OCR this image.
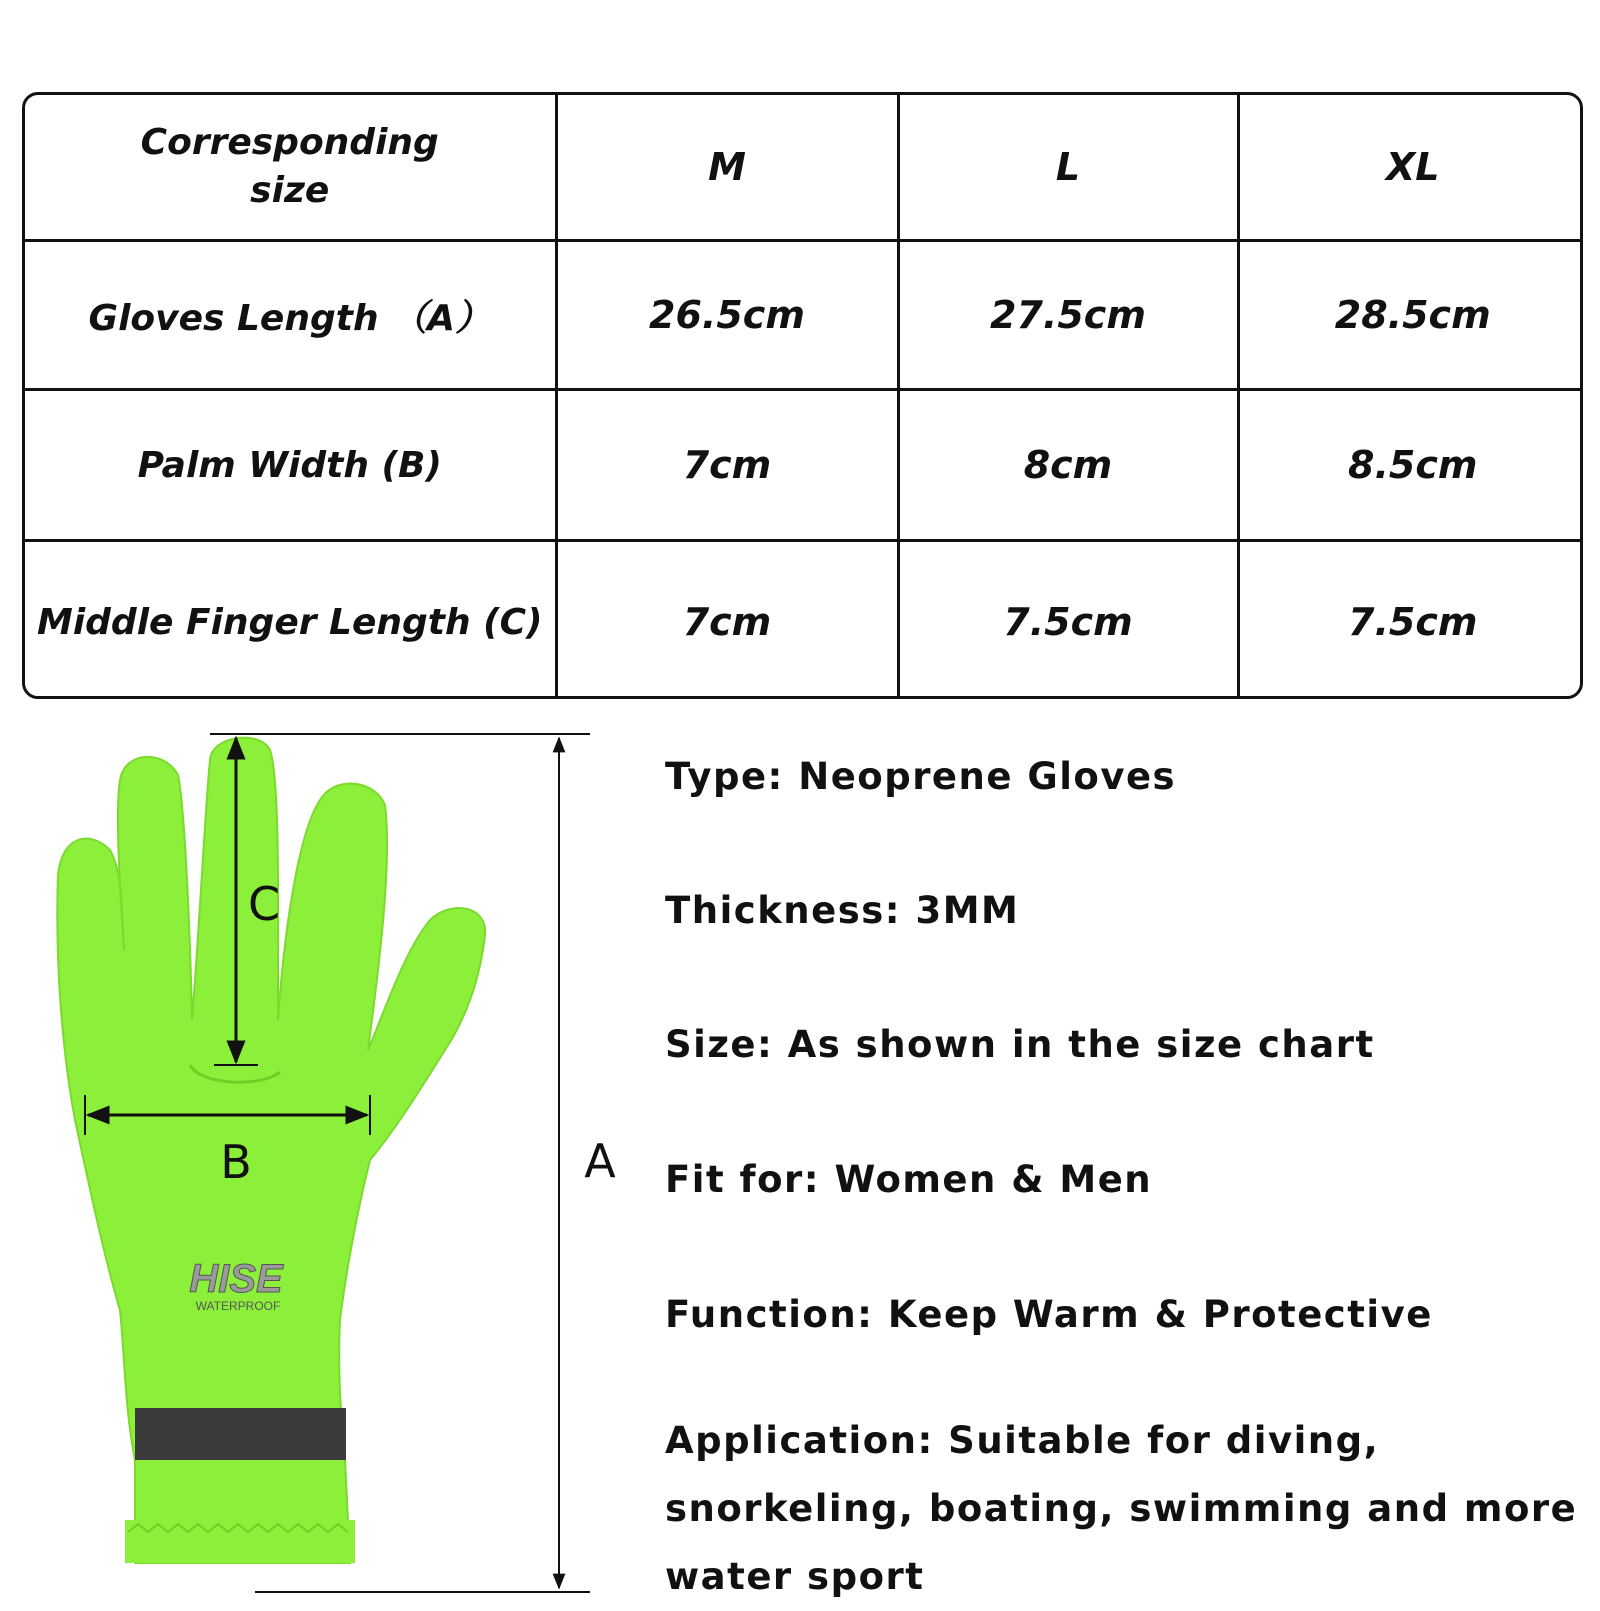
Corresponding size	M	L	XL
Gloves Length （A）	26.5cm	27.5cm	28.5cm
Palm Width (B)	7cm	8cm	8.5cm
Middle Finger Length (C)	7cm	7.5cm	7.5cm
HISE
WATERPROOF
A
B
C
Type: Neoprene Gloves
Thickness: 3MM
Size: As shown in the size chart
Fit for: Women & Men
Function: Keep Warm & Protective
Application: Suitable for diving, snorkeling, boating, swimming and more water sport
